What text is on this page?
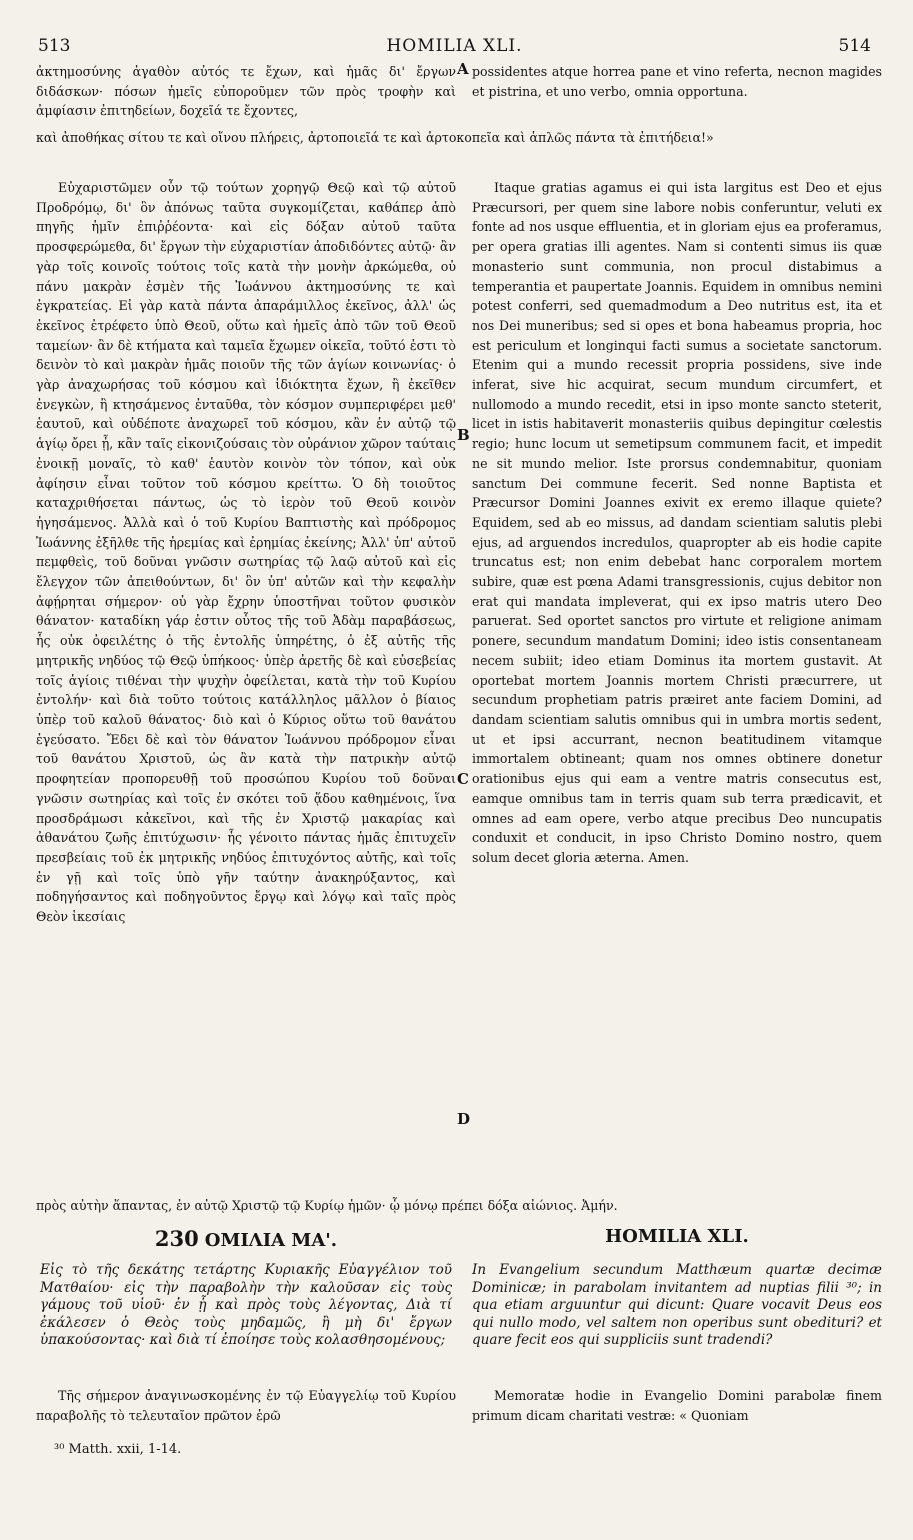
513	HOMILIA XLI.	514

ἀκτημοσύνης ἀγαθὸν αὐτός τε ἔχων, καὶ ἡμᾶς δι' ἔργων διδάσκων· πόσων ἡμεῖς εὐποροῦμεν τῶν πρὸς τροφὴν καὶ ἀμφίασιν ἐπιτηδείων, δοχεῖά τε ἔχοντες,

possidentes atque horrea pane et vino referta, necnon magides et pistrina, et uno verbo, omnia opportuna.

καὶ ἀποθήκας σίτου τε καὶ οἴνου πλήρεις, ἀρτοποιεῖά τε καὶ ἀρτοκοπεῖα καὶ ἁπλῶς πάντα τὰ ἐπιτήδεια!»

Εὐχαριστῶμεν οὖν τῷ τούτων χορηγῷ Θεῷ καὶ τῷ αὐτοῦ Προδρόμῳ, δι' ὃν ἀπόνως ταῦτα συγκομίζεται, καθάπερ ἀπὸ πηγῆς ἡμῖν ἐπιῤῥέοντα· καὶ εἰς δόξαν αὐτοῦ ταῦτα προσφερώμεθα, δι' ἔργων τὴν εὐχαριστίαν ἀποδιδόντες αὐτῷ· ἂν γὰρ τοῖς κοινοῖς τούτοις τοῖς κατὰ τὴν μονὴν ἀρκώμεθα, οὐ πάνυ μακρὰν ἐσμὲν τῆς Ἰωάννου ἀκτημοσύνης τε καὶ ἐγκρατείας. Εἰ γὰρ κατὰ πάντα ἀπαράμιλλος ἐκεῖνος, ἀλλ' ὡς ἐκεῖνος ἐτρέφετο ὑπὸ Θεοῦ, οὕτω καὶ ἡμεῖς ἀπὸ τῶν τοῦ Θεοῦ ταμείων· ἂν δὲ κτήματα καὶ ταμεῖα ἔχωμεν οἰκεῖα, τοῦτό ἐστι τὸ δεινὸν τὸ καὶ μακρὰν ἡμᾶς ποιοῦν τῆς τῶν ἁγίων κοινωνίας· ὁ γὰρ ἀναχωρήσας τοῦ κόσμου καὶ ἰδιόκτητα ἔχων, ἢ ἐκεῖθεν ἐνεγκὼν, ἢ κτησάμενος ἐνταῦθα, τὸν κόσμον συμπεριφέρει μεθ' ἑαυτοῦ, καὶ οὐδέποτε ἀναχωρεῖ τοῦ κόσμου, κἂν ἐν αὐτῷ τῷ ἁγίῳ ὄρει ᾖ, κἂν ταῖς εἰκονιζούσαις τὸν οὐράνιον χῶρον ταύταις ἐνοικῇ μοναῖς, τὸ καθ' ἑαυτὸν κοινὸν τὸν τόπον, καὶ οὐκ ἀφίησιν εἶναι τοῦτον τοῦ κόσμου κρείττω. Ὁ δὴ τοιοῦτος καταχριθήσεται πάντως, ὡς τὸ ἱερὸν τοῦ Θεοῦ κοινὸν ἡγησάμενος. Ἀλλὰ καὶ ὁ τοῦ Κυρίου Βαπτιστὴς καὶ πρόδρομος Ἰωάννης ἐξῆλθε τῆς ἡρεμίας καὶ ἐρημίας ἐκείνης; Ἀλλ' ὑπ' αὐτοῦ πεμφθεὶς, τοῦ δοῦναι γνῶσιν σωτηρίας τῷ λαῷ αὐτοῦ καὶ εἰς ἔλεγχον τῶν ἀπειθούντων, δι' ὃν ὑπ' αὐτῶν καὶ τὴν κεφαλὴν ἀφῄρηται σήμερον· οὐ γὰρ ἔχρην ὑποστῆναι τοῦτον φυσικὸν θάνατον· καταδίκη γάρ ἐστιν οὗτος τῆς τοῦ Ἀδὰμ παραβάσεως, ἧς οὐκ ὀφειλέτης ὁ τῆς ἐντολῆς ὑπηρέτης, ὁ ἐξ αὐτῆς τῆς μητρικῆς νηδύος τῷ Θεῷ ὑπήκοος· ὑπὲρ ἀρετῆς δὲ καὶ εὐσεβείας τοῖς ἁγίοις τιθέναι τὴν ψυχὴν ὀφείλεται, κατὰ τὴν τοῦ Κυρίου ἐντολήν· καὶ διὰ τοῦτο τούτοις κατάλληλος μᾶλλον ὁ βίαιος ὑπὲρ τοῦ καλοῦ θάνατος· διὸ καὶ ὁ Κύριος οὕτω τοῦ θανάτου ἐγεύσατο. Ἔδει δὲ καὶ τὸν θάνατον Ἰωάννου πρόδρομον εἶναι τοῦ θανάτου Χριστοῦ, ὡς ἂν κατὰ τὴν πατρικὴν αὐτῷ προφητείαν προπορευθῇ τοῦ προσώπου Κυρίου τοῦ δοῦναι γνῶσιν σωτηρίας καὶ τοῖς ἐν σκότει τοῦ ᾅδου καθημένοις, ἵνα προσδράμωσι κἀκεῖνοι, καὶ τῆς ἐν Χριστῷ μακαρίας καὶ ἀθανάτου ζωῆς ἐπιτύχωσιν· ἧς γένοιτο πάντας ἡμᾶς ἐπιτυχεῖν πρεσβείαις τοῦ ἐκ μητρικῆς νηδύος ἐπιτυχόντος αὐτῆς, καὶ τοῖς ἐν γῇ καὶ τοῖς ὑπὸ γῆν ταύτην ἀνακηρύξαντος, καὶ ποδηγήσαντος καὶ ποδηγοῦντος ἔργῳ καὶ λόγῳ καὶ ταῖς πρὸς Θεὸν ἱκεσίαις

Itaque gratias agamus ei qui ista largitus est Deo et ejus Præcursori, per quem sine labore nobis conferuntur, veluti ex fonte ad nos usque effluentia, et in gloriam ejus ea proferamus, per opera gratias illi agentes. Nam si contenti simus iis quæ monasterio sunt communia, non procul distabimus a temperantia et paupertate Joannis. Equidem in omnibus nemini potest conferri, sed quemadmodum a Deo nutritus est, ita et nos Dei muneribus; sed si opes et bona habeamus propria, hoc est periculum et longinqui facti sumus a societate sanctorum. Etenim qui a mundo recessit propria possidens, sive inde inferat, sive hic acquirat, secum mundum circumfert, et nullomodo a mundo recedit, etsi in ipso monte sancto steterit, licet in istis habitaverit monasteriis quibus depingitur cœlestis regio; hunc locum ut semetipsum communem facit, et impedit ne sit mundo melior. Iste prorsus condemnabitur, quoniam sanctum Dei commune fecerit. Sed nonne Baptista et Præcursor Domini Joannes exivit ex eremo illaque quiete? Equidem, sed ab eo missus, ad dandam scientiam salutis plebi ejus, ad arguendos incredulos, quapropter ab eis hodie capite truncatus est; non enim debebat hanc corporalem mortem subire, quæ est pœna Adami transgressionis, cujus debitor non erat qui mandata impleverat, qui ex ipso matris utero Deo paruerat. Sed oportet sanctos pro virtute et religione animam ponere, secundum mandatum Domini; ideo istis consentaneam necem subiit; ideo etiam Dominus ita mortem gustavit. At oportebat mortem Joannis mortem Christi præcurrere, ut secundum prophetiam patris præiret ante faciem Domini, ad dandam scientiam salutis omnibus qui in umbra mortis sedent, ut et ipsi accurrant, necnon beatitudinem vitamque immortalem obtineant; quam nos omnes obtinere donetur orationibus ejus qui eam a ventre matris consecutus est, eamque omnibus tam in terris quam sub terra prædicavit, et omnes ad eam opere, verbo atque precibus Deo nuncupatis conduxit et conducit, in ipso Christo Domino nostro, quem solum decet gloria æterna. Amen.

A
B
C
D
πρὸς αὐτὴν ἅπαντας, ἐν αὐτῷ Χριστῷ τῷ Κυρίῳ ἡμῶν· ᾧ μόνῳ πρέπει δόξα αἰώνιος. Ἀμήν.
230 ΟΜΙΛΙΑ ΜΑ'.	HOMILIA XLI.
Εἰς τὸ τῆς δεκάτης τετάρτης Κυριακῆς Εὐαγγέλιον τοῦ Ματθαίου· εἰς τὴν παραβολὴν τὴν καλοῦσαν εἰς τοὺς γάμους τοῦ υἱοῦ· ἐν ᾗ καὶ πρὸς τοὺς λέγοντας, Διὰ τί ἐκάλεσεν ὁ Θεὸς τοὺς μηδαμῶς, ἢ μὴ δι' ἔργων ὑπακούσοντας· καὶ διὰ τί ἐποίησε τοὺς κολασθησομένους;
In Evangelium secundum Matthæum quartæ decimæ Dominicæ; in parabolam invitantem ad nuptias filii ³⁰; in qua etiam arguuntur qui dicunt: Quare vocavit Deus eos qui nullo modo, vel saltem non operibus sunt obedituri? et quare fecit eos qui suppliciis sunt tradendi?

Τῆς σήμερον ἀναγινωσκομένης ἐν τῷ Εὐαγγελίῳ τοῦ Κυρίου παραβολῆς τὸ τελευταῖον πρῶτον ἐρῶ

Memoratæ hodie in Evangelio Domini parabolæ finem primum dicam charitati vestræ: « Quoniam

³⁰ Matth. xxii, 1-14.
